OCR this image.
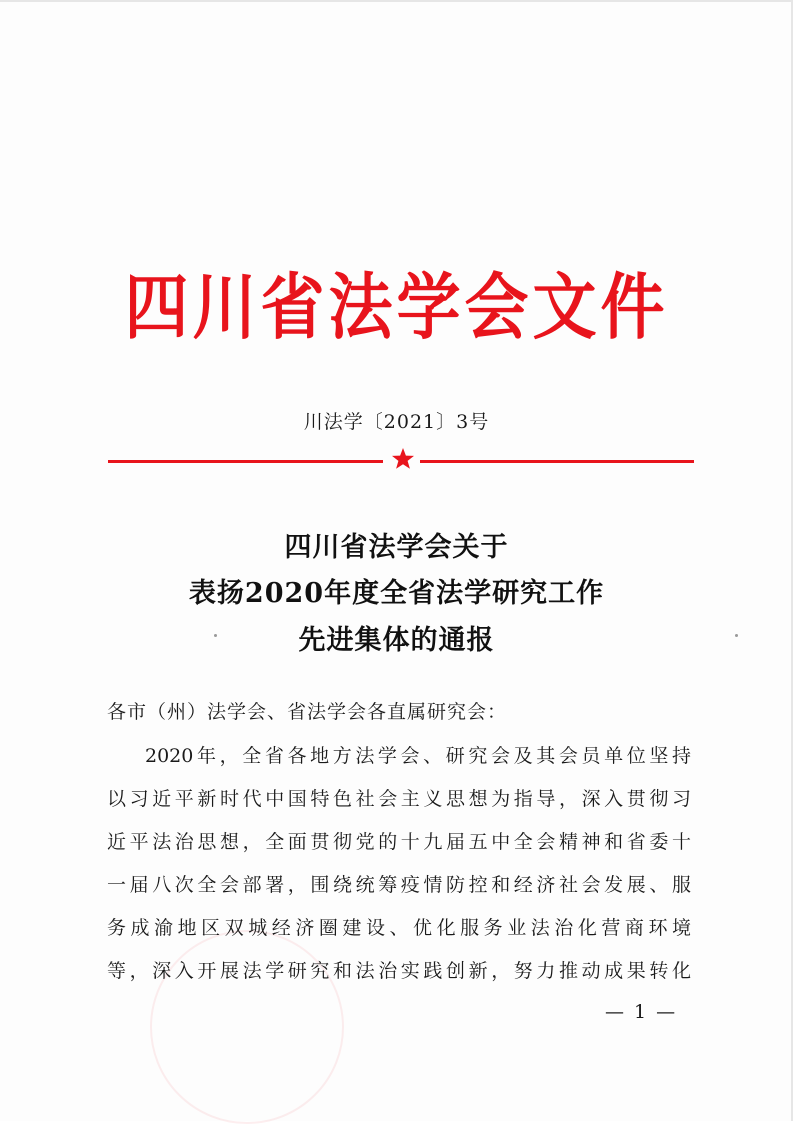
四川省法学会文件
川法学〔2021〕3号
四川省法学会关于
表扬2020年度全省法学研究工作
先进集体的通报
各市（州）法学会、省法学会各直属研究会：
2020年，全省各地方法学会、研究会及其会员单位坚持
以习近平新时代中国特色社会主义思想为指导，深入贯彻习
近平法治思想，全面贯彻党的十九届五中全会精神和省委十
一届八次全会部署，围绕统筹疫情防控和经济社会发展、服
务成渝地区双城经济圈建设、优化服务业法治化营商环境
等，深入开展法学研究和法治实践创新，努力推动成果转化
— 1 —
